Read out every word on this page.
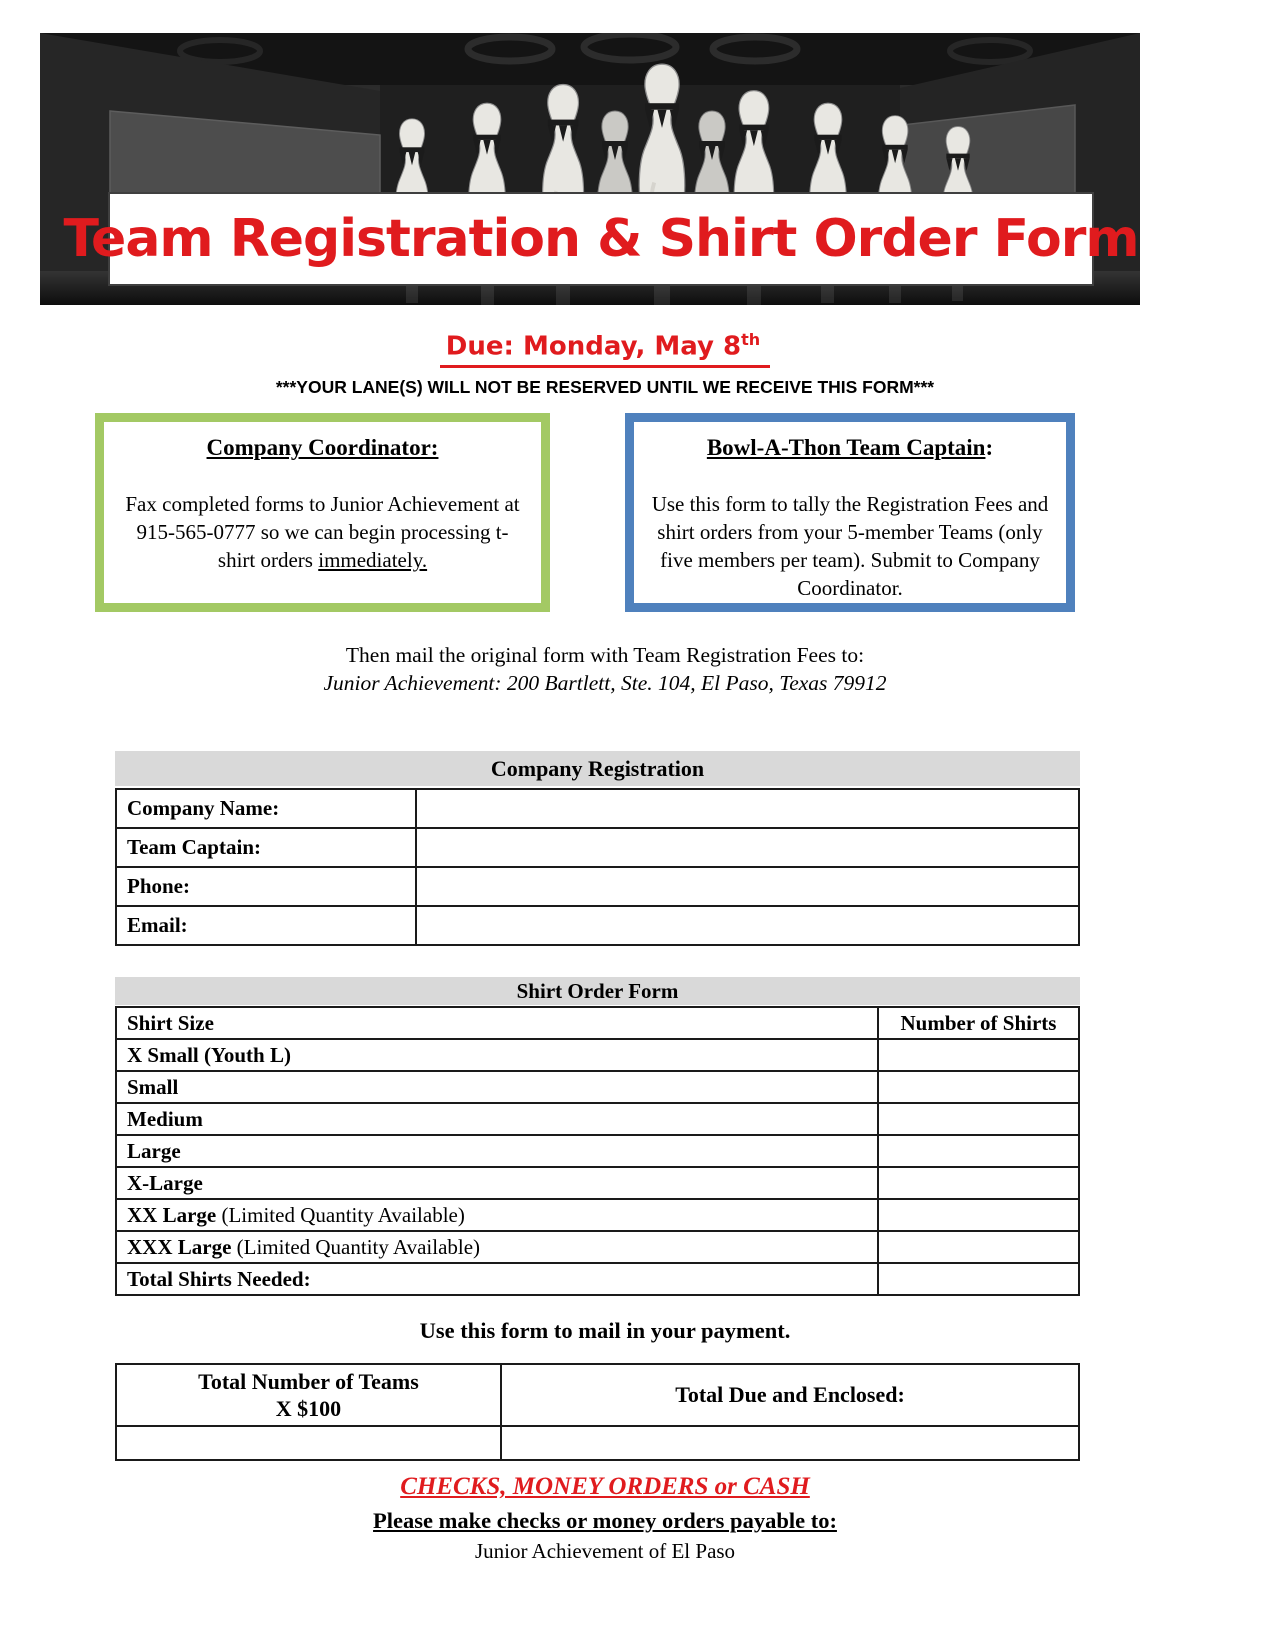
Team Registration & Shirt Order Form
Due: Monday, May 8th
***YOUR LANE(S) WILL NOT BE RESERVED UNTIL WE RECEIVE THIS FORM***
Company Coordinator:
Fax completed forms to Junior Achievement at 915-565-0777 so we can begin processing t-shirt orders immediately.
Bowl-A-Thon Team Captain:
Use this form to tally the Registration Fees and shirt orders from your 5-member Teams (only five members per team). Submit to Company Coordinator.
Then mail the original form with Team Registration Fees to:
Junior Achievement: 200 Bartlett, Ste. 104, El Paso, Texas 79912
Company Registration
Company Name:	
Team Captain:	
Phone:	
Email:	
Shirt Order Form
Shirt Size	Number of Shirts
X Small (Youth L)	
Small	
Medium	
Large	
X-Large	
XX Large (Limited Quantity Available)	
XXX Large (Limited Quantity Available)	
Total Shirts Needed:	
Use this form to mail in your payment.
Total Number of Teams
X $100	Total Due and Enclosed:

CHECKS, MONEY ORDERS or CASH
Please make checks or money orders payable to:
Junior Achievement of El Paso
